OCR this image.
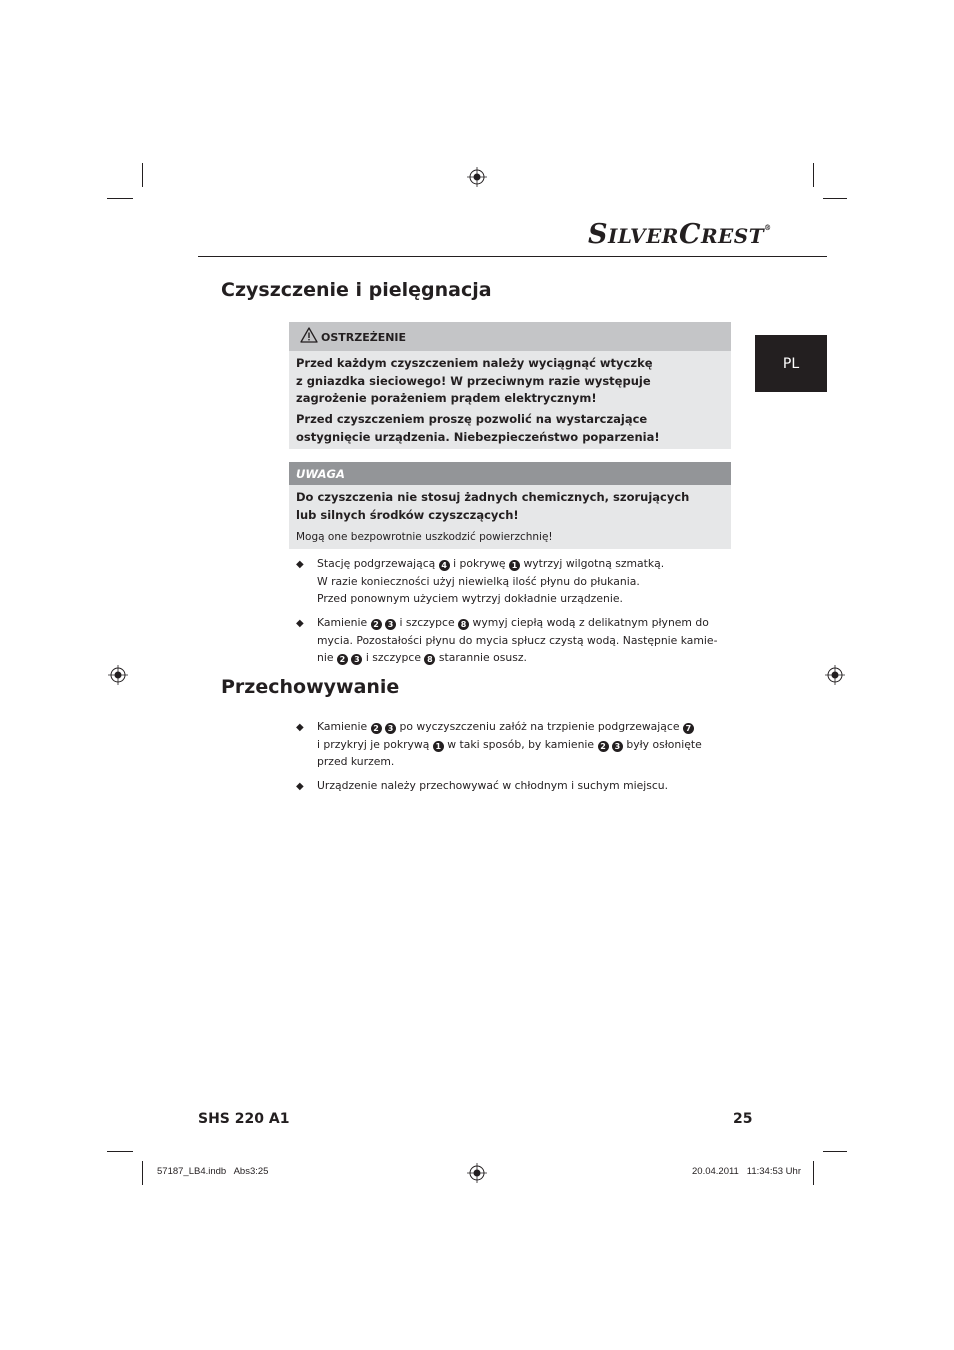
SILVERCREST®
PL
Czyszczenie i pielęgnacja
OSTRZEŻENIE
Przed każdym czyszczeniem należy wyciągnąć wtyczkę
z gniazdka sieciowego! W przeciwnym razie występuje
zagrożenie porażeniem prądem elektrycznym!
Przed czyszczeniem proszę pozwolić na wystarczające
ostygnięcie urządzenia. Niebezpieczeństwo poparzenia!
UWAGA
Do czyszczenia nie stosuj żadnych chemicznych, szorujących
lub silnych środków czyszczących!
Mogą one bezpowrotnie uszkodzić powierzchnię!
◆ Stację podgrzewającą 4 i pokrywę 1 wytrzyj wilgotną szmatką.
W razie konieczności użyj niewielką ilość płynu do płukania.
Przed ponownym użyciem wytrzyj dokładnie urządzenie.
◆ Kamienie 2 3 i szczypce 8 wymyj ciepłą wodą z delikatnym płynem do
mycia. Pozostałości płynu do mycia spłucz czystą wodą. Następnie kamie-
nie 2 3 i szczypce 8 starannie osusz.
Przechowywanie
◆ Kamienie 2 3 po wyczyszczeniu załóż na trzpienie podgrzewające 7
i przykryj je pokrywą 1 w taki sposób, by kamienie 2 3 były osłonięte
przed kurzem.
◆ Urządzenie należy przechowywać w chłodnym i suchym miejscu.
SHS 220 A1	25
57187_LB4.indb   Abs3:25	20.04.2011   11:34:53 Uhr
